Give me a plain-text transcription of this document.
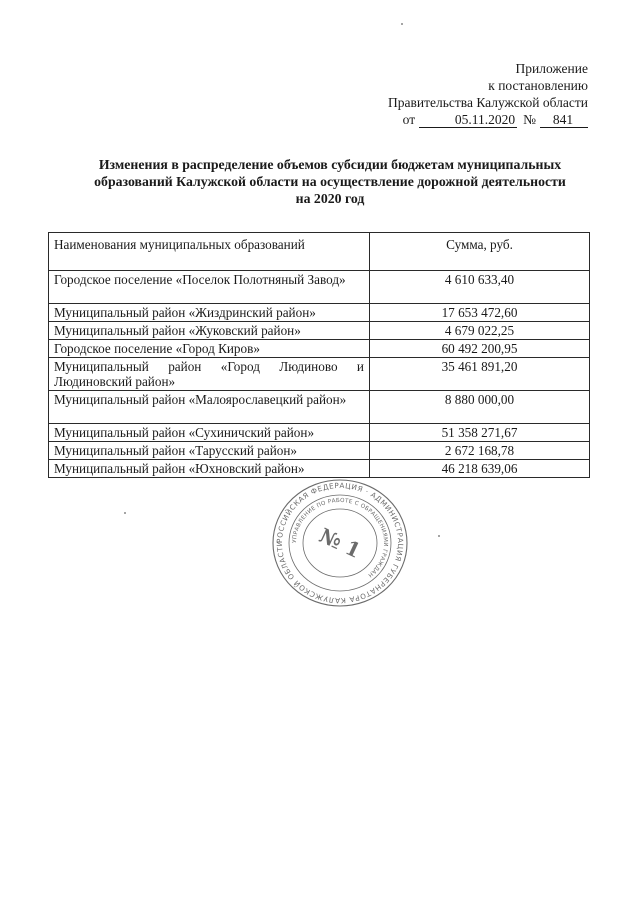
Приложение
к постановлению
Правительства Калужской области
от	05.11.2020 №	841
Изменения в распределение объемов субсидии бюджетам муниципальных
образований Калужской области на осуществление дорожной деятельности
на 2020 год
Наименования муниципальных образований	Сумма, руб.
Городское поселение «Поселок Полотняный Завод»	4 610 633,40
Муниципальный район «Жиздринский район»	17 653 472,60
Муниципальный район «Жуковский район»	4 679 022,25
Городское поселение «Город Киров»	60 492 200,95
Муниципальный район «Город Людиново и Людиновский район»	35 461 891,20
Муниципальный район «Малоярославецкий район»	8 880 000,00
Муниципальный район «Сухиничский район»	51 358 271,67
Муниципальный район «Тарусский район»	2 672 168,78
Муниципальный район «Юхновский район»	46 218 639,06
РОССИЙСКАЯ ФЕДЕРАЦИЯ · АДМИНИСТРАЦИЯ ГУБЕРНАТОРА КАЛУЖСКОЙ ОБЛАСТИ	УПРАВЛЕНИЕ ПО РАБОТЕ С ОБРАЩЕНИЯМИ ГРАЖДАН
№ 1
